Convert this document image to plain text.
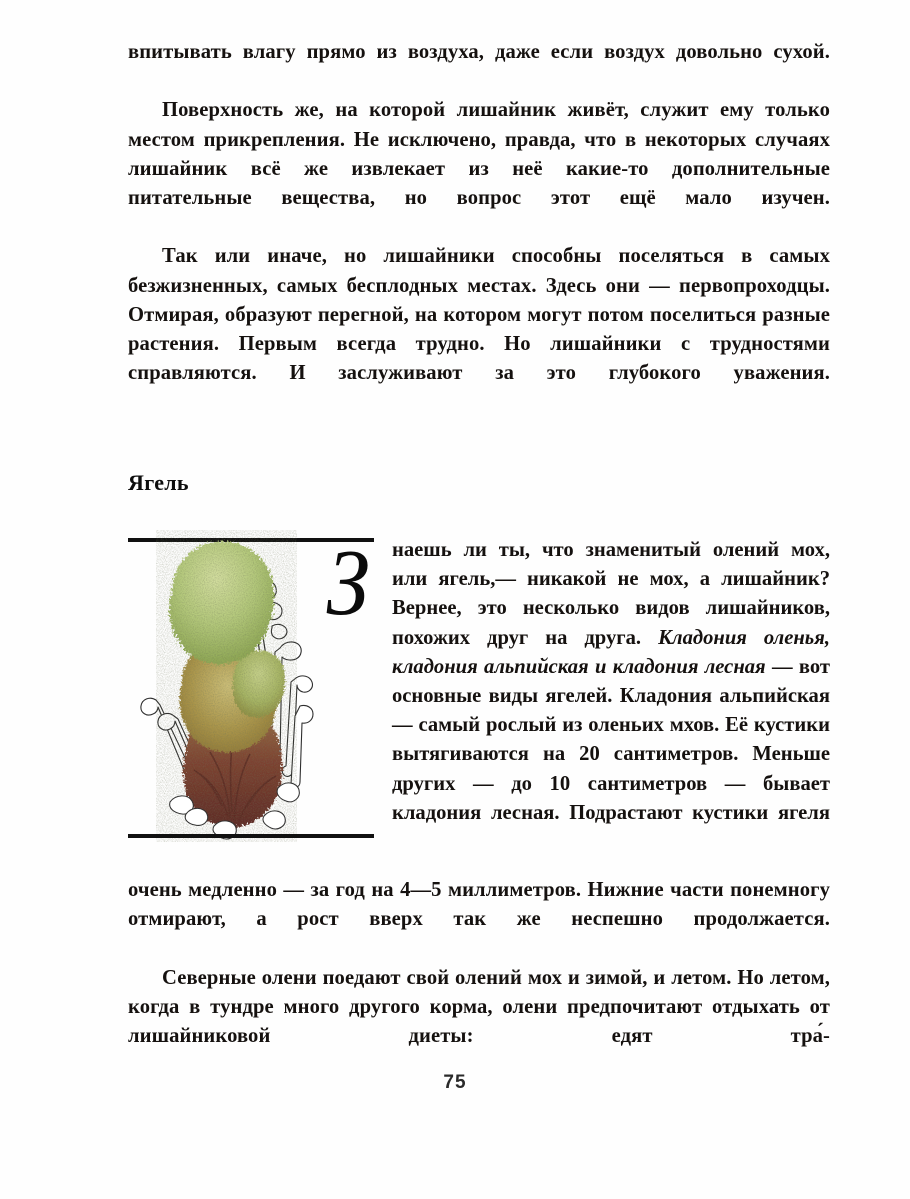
впитывать влагу прямо из воздуха, даже если воздух довольно сухой.

Поверхность же, на которой лишайник живёт, служит ему только местом прикрепления. Не исключено, правда, что в некоторых случаях лишайник всё же извлекает из неё какие-то дополнительные питательные вещества, но вопрос этот ещё мало изучен.

Так или иначе, но лишайники способны поселяться в самых безжизненных, самых бесплодных местах. Здесь они — первопроходцы. Отмирая, образуют перегной, на котором могут потом поселиться разные растения. Первым всегда трудно. Но лишайники с трудностями справляются. И заслуживают за это глубокого уважения.

Ягель
З	наешь ли ты, что знаменитый олений мох, или ягель,— никакой не мох, а лишайник? Вернее, это несколько видов лишайников, похожих друг на друга. Кладония оленья, кладония альпийская и кладония лесная — вот основные виды ягелей. Кладония альпийская — самый рослый из оленьих мхов. Её кустики вытягиваются на 20 сантиметров. Меньше других — до 10 сантиметров — бывает кладония лесная. Подрастают кустики ягеля

очень медленно — за год на 4—5 миллиметров. Нижние части понемногу отмирают, а рост вверх так же неспешно продолжается.

Северные олени поедают свой олений мох и зимой, и летом. Но летом, когда в тундре много другого корма, олени предпочитают отдыхать от лишайниковой диеты: едят тра́-

75
